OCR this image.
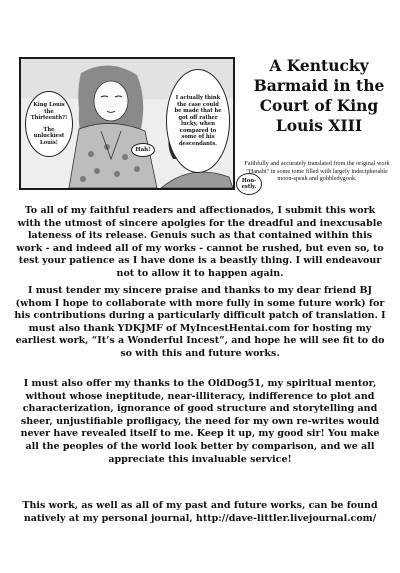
King Louis the Thirteenth?!
The unluckiest Louis!
I actually think the case could be made that he got off rather lucky, when compared to some of his descendants.
Hah!
Hon-estly.
A Kentucky
Barmaid in the
Court of King
Louis XIII

Faithfully and accurately translated from the original work "Hanabi" in some tome filled with largely indecipherable moon-speak and gobbledygook.

To all of my faithful readers and affectionados, I submit this work with the utmost of sincere apolgies for the dreadful and inexcusable lateness of its release. Genuis such as that contained within this work - and indeed all of my works - cannot be rushed, but even so, to test your patience as I have done is a beastly thing. I will endeavour not to allow it to happen again.

I must tender my sincere praise and thanks to my dear friend BJ (whom I hope to collaborate with more fully in some future work) for his contributions during a particularly difficult patch of translation. I must also thank YDKJMF of MyIncestHentai.com for hosting my earliest work, “It’s a Wonderful Incest”, and hope he will see fit to do so with this and future works.

I must also offer my thanks to the OldDog51, my spiritual mentor, without whose ineptitude, near-illiteracy, indifference to plot and characterization, ignorance of good structure and storytelling and sheer, unjustifiable profligacy, the need for my own re-writes would never have revealed itself to me. Keep it up, my good sir! You make all the peoples of the world look better by comparison, and we all appreciate this invaluable service!

This work, as well as all of my past and future works, can be found natively at my personal journal, http://dave-littler.livejournal.com/
